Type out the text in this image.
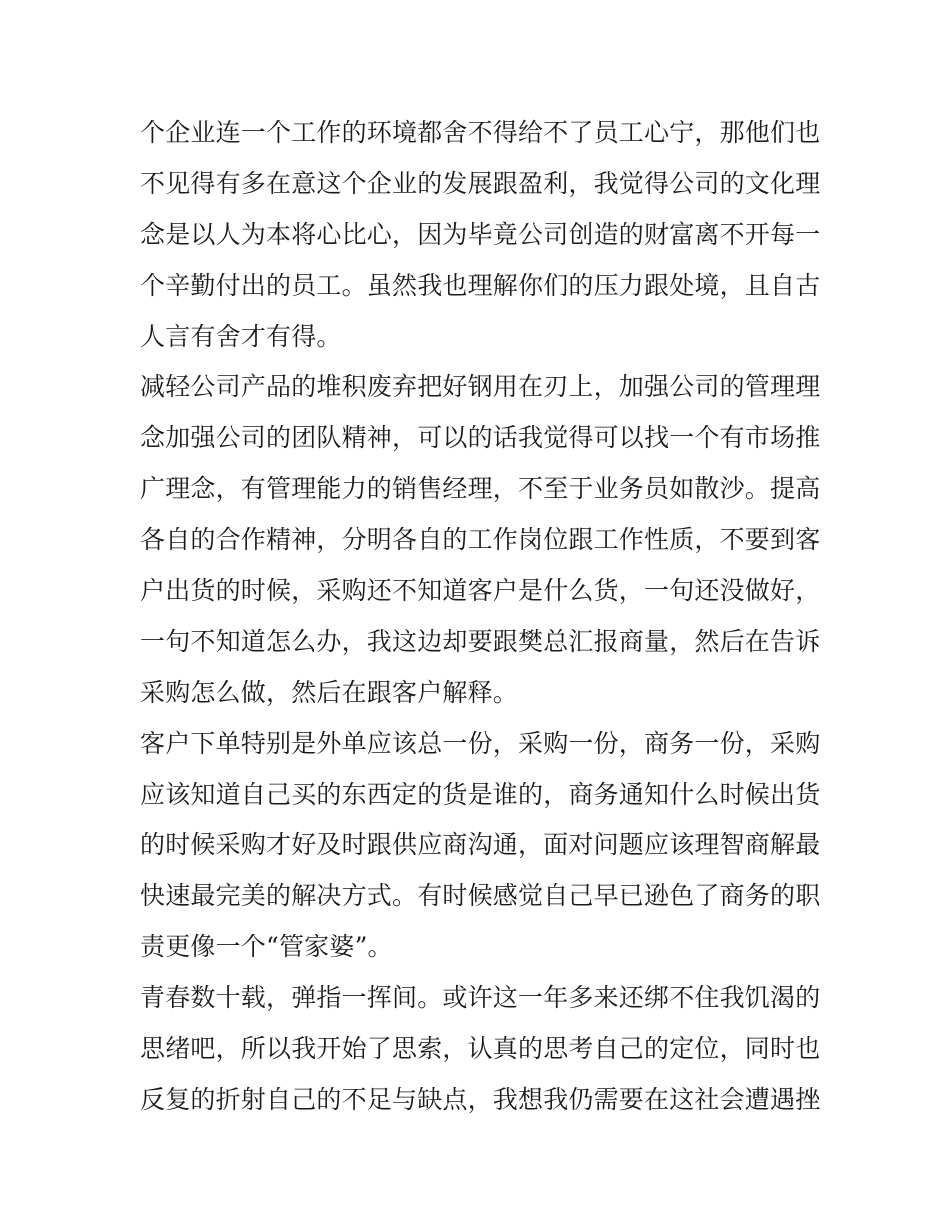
个企业连一个工作的环境都舍不得给不了员工心宁，那他们也
不见得有多在意这个企业的发展跟盈利，我觉得公司的文化理
念是以人为本将心比心，因为毕竟公司创造的财富离不开每一
个辛勤付出的员工。虽然我也理解你们的压力跟处境，且自古
人言有舍才有得。
减轻公司产品的堆积废弃把好钢用在刃上，加强公司的管理理
念加强公司的团队精神，可以的话我觉得可以找一个有市场推
广理念，有管理能力的销售经理，不至于业务员如散沙。提高
各自的合作精神，分明各自的工作岗位跟工作性质，不要到客
户出货的时候，采购还不知道客户是什么货，一句还没做好，
一句不知道怎么办，我这边却要跟樊总汇报商量，然后在告诉
采购怎么做，然后在跟客户解释。
客户下单特别是外单应该总一份，采购一份，商务一份，采购
应该知道自己买的东西定的货是谁的，商务通知什么时候出货
的时候采购才好及时跟供应商沟通，面对问题应该理智商解最
快速最完美的解决方式。有时候感觉自己早已逊色了商务的职
责更像一个“管家婆”。
青春数十载，弹指一挥间。或许这一年多来还绑不住我饥渴的
思绪吧，所以我开始了思索，认真的思考自己的定位，同时也
反复的折射自己的不足与缺点，我想我仍需要在这社会遭遇挫
